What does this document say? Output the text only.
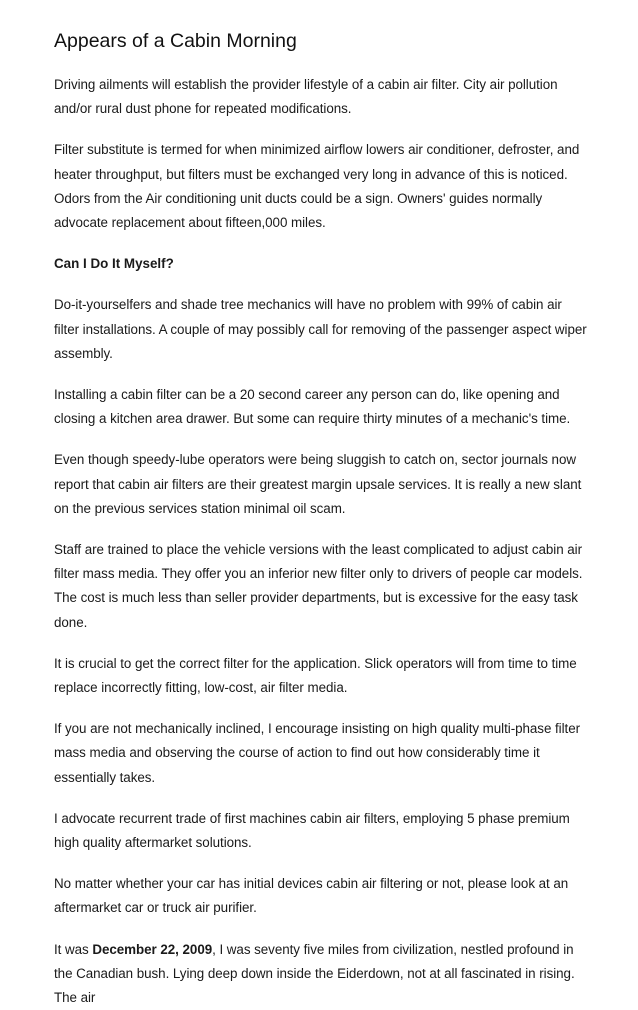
Appears of a Cabin Morning

Driving ailments will establish the provider lifestyle of a cabin air filter. City air pollution and/or rural dust phone for repeated modifications.

Filter substitute is termed for when minimized airflow lowers air conditioner, defroster, and heater throughput, but filters must be exchanged very long in advance of this is noticed. Odors from the Air conditioning unit ducts could be a sign. Owners' guides normally advocate replacement about fifteen,000 miles.

Can I Do It Myself?

Do-it-yourselfers and shade tree mechanics will have no problem with 99% of cabin air filter installations. A couple of may possibly call for removing of the passenger aspect wiper assembly.

Installing a cabin filter can be a 20 second career any person can do, like opening and closing a kitchen area drawer. But some can require thirty minutes of a mechanic's time.

Even though speedy-lube operators were being sluggish to catch on, sector journals now report that cabin air filters are their greatest margin upsale services. It is really a new slant on the previous services station minimal oil scam.

Staff are trained to place the vehicle versions with the least complicated to adjust cabin air filter mass media. They offer you an inferior new filter only to drivers of people car models. The cost is much less than seller provider departments, but is excessive for the easy task done.

It is crucial to get the correct filter for the application. Slick operators will from time to time replace incorrectly fitting, low-cost, air filter media.

If you are not mechanically inclined, I encourage insisting on high quality multi-phase filter mass media and observing the course of action to find out how considerably time it essentially takes.

I advocate recurrent trade of first machines cabin air filters, employing 5 phase premium high quality aftermarket solutions.

No matter whether your car has initial devices cabin air filtering or not, please look at an aftermarket car or truck air purifier.

It was December 22, 2009, I was seventy five miles from civilization, nestled profound in the Canadian bush. Lying deep down inside the Eiderdown, not at all fascinated in rising. The air
